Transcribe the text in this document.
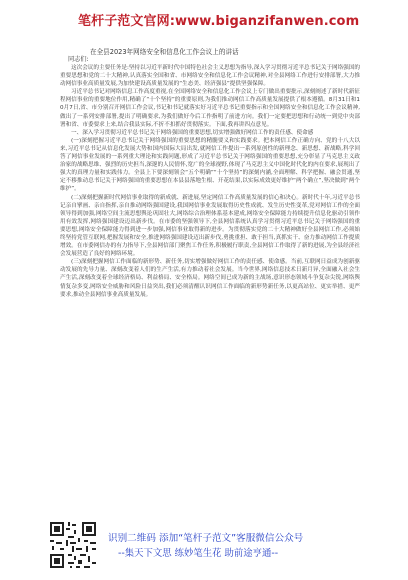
笔杆子范文官网:www.biganzifanwen.com
在全县2023年网络安全和信息化工作会议上的讲话
同志们:

这次会议的主要任务是:坚持以习近平新时代中国特色社会主义思想为指导,深入学习贯彻习近平总书记关于网络强国的重要思想和党的二十大精神,认真落实全国和省、市网络安全和信息化工作会议精神,对全县网络工作进行安排部署,大力推动网信事业高质量发展,为加快建设高质量发展的“生态美、经济强县”提供坚强保障。

习近平总书记对网络信息工作高度重视,在全国网络安全和信息化工作会议上专门做出重要批示,深刻阐述了新时代新征程网信事业的重要地位作用,精确了“十个坚持”的重要原则,为我们推动网信工作高质量发展提供了根本遵循。8月31日和10月7日,省、市分别召开网信工作会议,书记和书记就落实好习近平总书记重要指示和全国网络安全和信息化工作会议精神,做出了一系列安排部署,提出了明确要求,为我们做好今后工作指明了前进方向。我们一定要把思想和行动统一到党中央部署和省、市委要求上来,结合我县实际,不折不扣抓好贯彻落实。下面,我再讲四点意见。

一、深入学习贯彻习近平总书记关于网络强国的重要思想,切实增强做好网信工作的责任感、使命感

(一)深刻把握习近平总书记关于网络强国的重要思想的精髓要义和实践要求。把本网信工作正确方向、党的十八大以来,习近平总书记从信息化发展大势和国内国际大局出发,就网信工作提出一系列原创性的新理念、新思想、新战略,科学回答了网信事业发展的一系列重大理论和实践问题,形成了习近平总书记关于网络强国的重要思想,充分彰显了马克思主义政治家的战略思维、强烈的历史担当,深邃的人民情怀,宽广的全球视野,体现了马克思主义中国化时代化的内在要求,展现出了强大的真理力量和实践伟力。全县上下要深刻领会“五个明确”“十个坚持”的深刻内涵,全面理解、科学把握、融会贯通,坚定不移推动总书记关于网络强国的重要思想在本县县落地生根、开花结果,以实际成效更好维护“两个确立”,坚决做到“两个维护”。

(二)深刻把握新时代网信事业取得的新成就、新进展,坚定网信工作高质量发展的信心和决心。新时代十年,习近平总书记亲自擘画、亲自指挥,亲自推动网络强国建设,我国网信事业发展取得历史性成就、发生历史性变革,党对网信工作的全面领导得到加强,网络空间主流思想舆论巩固壮大,网络综合治理体系基本建成,网络安全保障能力持续提升信息化驱动引领作用有效发挥,网络强国建设迈出新步伐。在市委的坚强领导下,全县网信系统认真学习贯彻习近平总书记关于网络强国的重要思想,网络安全保障能力得到进一步加强,网信事业取得新的进步。为贯彻落实党的二十大精神做好全县网信工作,必须始终坚持党管互联网,把握发展和安全,推进网络强国建设迈出新步伐,勇挑重担、敢于担当,真抓实干、奋力推动网信工作提质增效。在市委网信办的有力指导下,全县网信部门聚焦工作任务,积极履行职责,全县网信工作取得了新的进展,为全县经济社会发展营造了良好的网络环境。

(三)深刻把握网信工作面临的新形势、新任务,切实增强做好网信工作的责任感、使命感。当前,互联网日益成为创新驱动发展的先导力量、深刻改变着人们的生产生活,有力推动着社会发展。当今世界,网络信息技术日新月异,全面融入社会生产生活,深刻改变着全球经济格局、利益格局、安全格局。网络空间已成为新的主战场,意识形态领域斗争复杂尖锐,网络舆情复杂多变,网络安全威胁和风险日益突出,我们必须清醒认识网信工作面临的新形势新任务,以更高站位、更实举措、更严要求,推动全县网信事业高质量发展。

识别二维码 添加“笔杆子范文”客服微信公众号
--集天下文思 练妙笔生花 助前途亨通--
